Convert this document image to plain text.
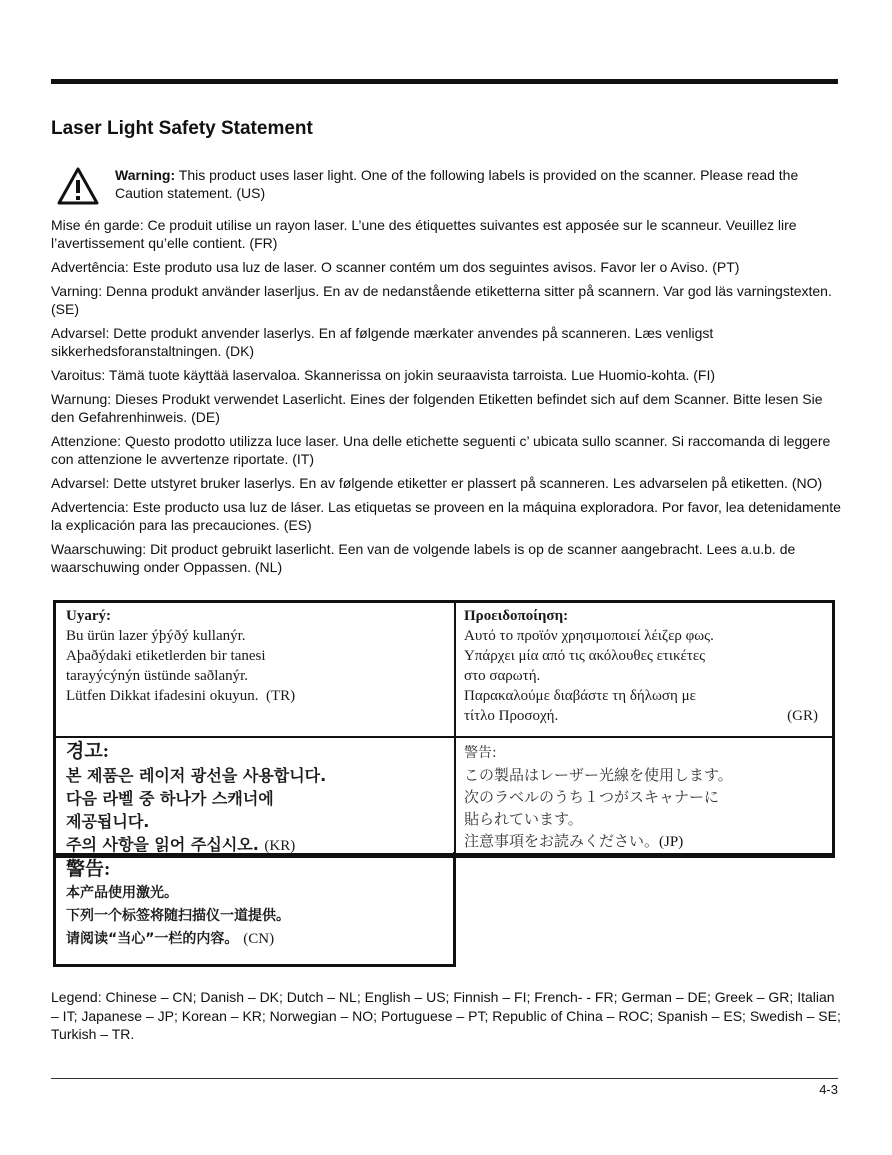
Laser Light Safety Statement
Warning: This product uses laser light. One of the following labels is provided on the scanner. Please read the Caution statement. (US)

Mise én garde: Ce produit utilise un rayon laser. L’une des étiquettes suivantes est apposée sur le scanneur. Veuillez lire l’avertissement qu’elle contient. (FR)

Advertência: Este produto usa luz de laser. O scanner contém um dos seguintes avisos. Favor ler o Aviso. (PT)

Varning: Denna produkt använder laserljus. En av de nedanstående etiketterna sitter på scannern. Var god läs varningstexten. (SE)

Advarsel: Dette produkt anvender laserlys. En af følgende mærkater anvendes på scanneren. Læs venligst sikkerhedsforanstaltningen. (DK)

Varoitus: Tämä tuote käyttää laservaloa. Skannerissa on jokin seuraavista tarroista. Lue Huomio-kohta. (FI)

Warnung: Dieses Produkt verwendet Laserlicht. Eines der folgenden Etiketten befindet sich auf dem Scanner. Bitte lesen Sie den Gefahrenhinweis. (DE)

Attenzione: Questo prodotto utilizza luce laser. Una delle etichette seguenti c’ ubicata sullo scanner. Si raccomanda di leggere con attenzione le avvertenze riportate. (IT)

Advarsel: Dette utstyret bruker laserlys. En av følgende etiketter er plassert på scanneren. Les advarselen på etiketten. (NO)

Advertencia: Este producto usa luz de láser. Las etiquetas se proveen en la máquina exploradora. Por favor, lea detenidamente la explicación para las precauciones. (ES)

Waarschuwing: Dit product gebruikt laserlicht. Een van de volgende labels is op de scanner aangebracht. Lees a.u.b. de waarschuwing onder Oppassen. (NL)

Uyarý:
Bu ürün lazer ýþýðý kullanýr.
Aþaðýdaki etiketlerden bir tanesi
tarayýcýnýn üstünde saðlanýr.
Lütfen Dikkat ifadesini okuyun. (TR)
Προειδοποίηση:
Αυτό το προϊόν χρησιμοποιεί λέιζερ φως.
Υπάρχει μία από τις ακόλουθες ετικέτες
στο σαρωτή.
Παρακαλούμε διαβάστε τη δήλωση με
τίτλο Προσοχή.	(GR)
경고:
본 제품은 레이저 광선을 사용합니다.
다음 라벨 중 하나가 스캐너에
제공됩니다.
주의 사항을 읽어 주십시오. (KR)
警告:
この製品はレーザー光線を使用します。
次のラベルのうち１つがスキャナーに
貼られています。
注意事項をお読みください。(JP)
警告:
本产品使用激光。
下列一个标签将随扫描仪一道提供。
请阅读“当心”一栏的内容。 (CN)

Legend: Chinese – CN; Danish – DK; Dutch – NL; English – US; Finnish – FI; French- - FR; German – DE; Greek – GR; Italian – IT; Japanese – JP; Korean – KR; Norwegian – NO; Portuguese – PT; Republic of China – ROC; Spanish – ES; Swedish – SE; Turkish – TR.

4-3
